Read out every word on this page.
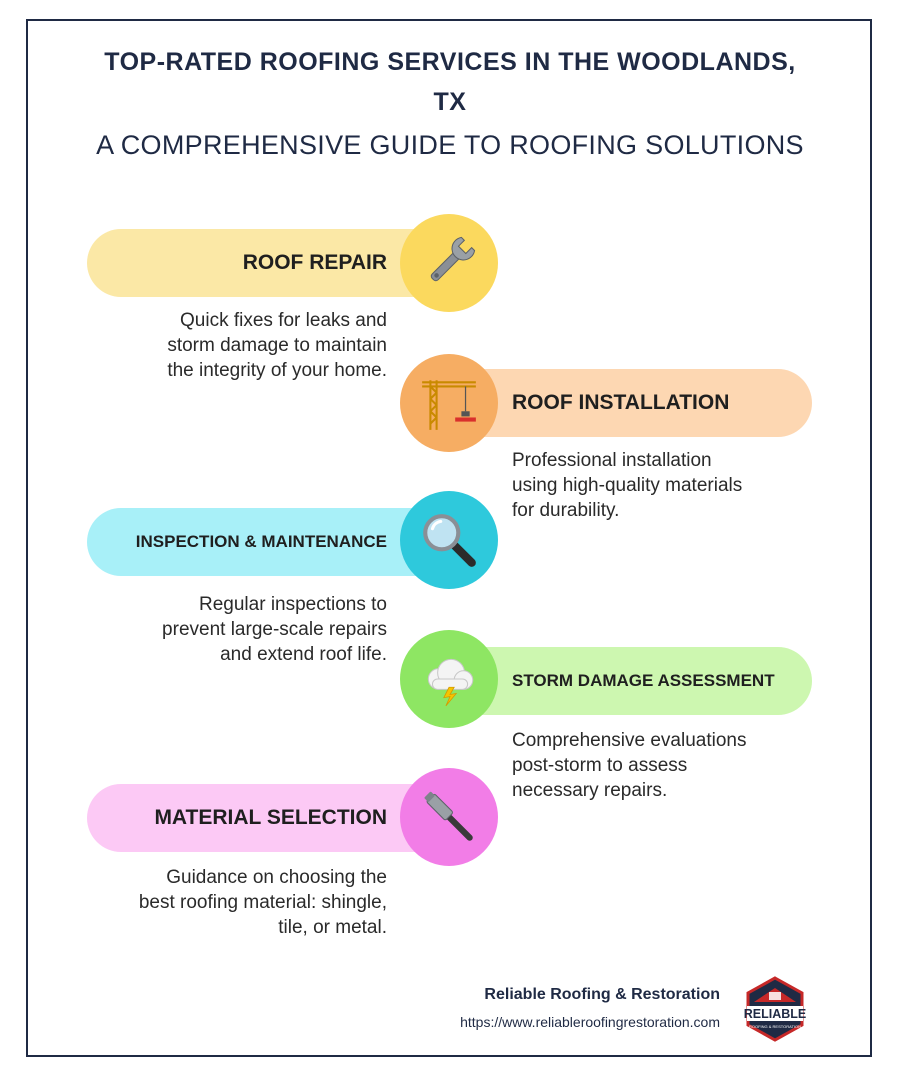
TOP-RATED ROOFING SERVICES IN THE WOODLANDS,
TX
A COMPREHENSIVE GUIDE TO ROOFING SOLUTIONS
ROOF REPAIR
Quick fixes for leaks and
storm damage to maintain
the integrity of your home.
ROOF INSTALLATION
Professional installation
using high-quality materials
for durability.
INSPECTION & MAINTENANCE
Regular inspections to
prevent large-scale repairs
and extend roof life.
STORM DAMAGE ASSESSMENT
Comprehensive evaluations
post-storm to assess
necessary repairs.
MATERIAL SELECTION
Guidance on choosing the
best roofing material: shingle,
tile, or metal.
Reliable Roofing & Restoration
https://www.reliableroofingrestoration.com RELIABLE
ROOFING & RESTORATION
